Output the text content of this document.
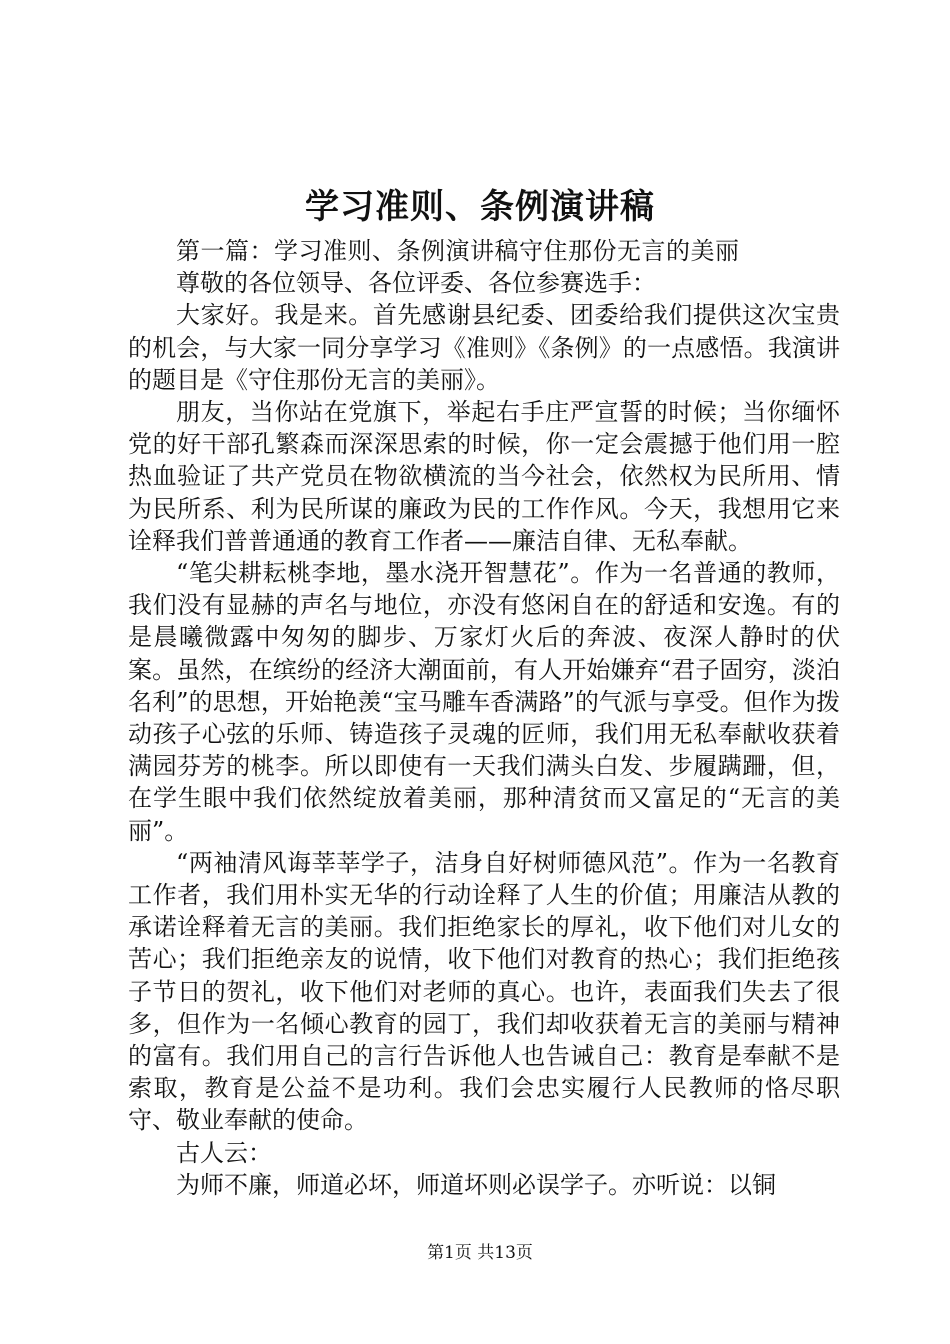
学习准则、条例演讲稿

第一篇：学习准则、条例演讲稿守住那份无言的美丽

尊敬的各位领导、各位评委、各位参赛选手：

大家好。我是来。首先感谢县纪委、团委给我们提供这次宝贵的机会，与大家一同分享学习《准则》《条例》的一点感悟。我演讲的题目是《守住那份无言的美丽》。

朋友，当你站在党旗下，举起右手庄严宣誓的时候；当你缅怀党的好干部孔繁森而深深思索的时候，你一定会震撼于他们用一腔热血验证了共产党员在物欲横流的当今社会，依然权为民所用、情为民所系、利为民所谋的廉政为民的工作作风。今天，我想用它来诠释我们普普通通的教育工作者——廉洁自律、无私奉献。

“笔尖耕耘桃李地，墨水浇开智慧花”。作为一名普通的教师，我们没有显赫的声名与地位，亦没有悠闲自在的舒适和安逸。有的是晨曦微露中匆匆的脚步、万家灯火后的奔波、夜深人静时的伏案。虽然，在缤纷的经济大潮面前，有人开始嫌弃“君子固穷，淡泊名利”的思想，开始艳羡“宝马雕车香满路”的气派与享受。但作为拨动孩子心弦的乐师、铸造孩子灵魂的匠师，我们用无私奉献收获着满园芬芳的桃李。所以即使有一天我们满头白发、步履蹒跚，但，在学生眼中我们依然绽放着美丽，那种清贫而又富足的“无言的美丽”。

“两袖清风诲莘莘学子，洁身自好树师德风范”。作为一名教育工作者，我们用朴实无华的行动诠释了人生的价值；用廉洁从教的承诺诠释着无言的美丽。我们拒绝家长的厚礼，收下他们对儿女的苦心；我们拒绝亲友的说情，收下他们对教育的热心；我们拒绝孩子节日的贺礼，收下他们对老师的真心。也许，表面我们失去了很多，但作为一名倾心教育的园丁，我们却收获着无言的美丽与精神的富有。我们用自己的言行告诉他人也告诫自己：教育是奉献不是索取，教育是公益不是功利。我们会忠实履行人民教师的恪尽职守、敬业奉献的使命。

古人云：

为师不廉，师道必坏，师道坏则必误学子。亦听说：以铜

第1页 共13页
